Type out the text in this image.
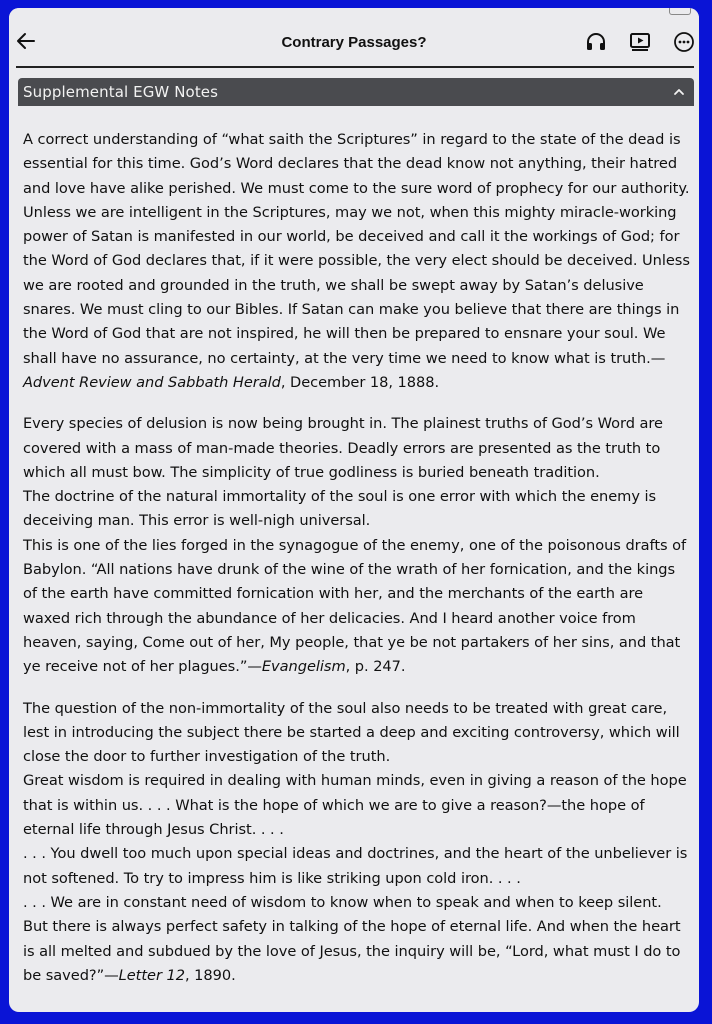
Contrary Passages?
Supplemental EGW Notes

A correct understanding of “what saith the Scriptures” in regard to the state of the dead is essential for this time. God’s Word declares that the dead know not anything, their hatred and love have alike perished. We must come to the sure word of prophecy for our authority. Unless we are intelligent in the Scriptures, may we not, when this mighty miracle-working power of Satan is manifested in our world, be deceived and call it the workings of God; for the Word of God declares that, if it were possible, the very elect should be deceived. Unless we are rooted and grounded in the truth, we shall be swept away by Satan’s delusive snares. We must cling to our Bibles. If Satan can make you believe that there are things in the Word of God that are not inspired, he will then be prepared to ensnare your soul. We shall have no assurance, no certainty, at the very time we need to know what is truth.—Advent Review and Sabbath Herald, December 18, 1888.

Every species of delusion is now being brought in. The plainest truths of God’s Word are covered with a mass of man-made theories. Deadly errors are presented as the truth to which all must bow. The simplicity of true godliness is buried beneath tradition.
The doctrine of the natural immortality of the soul is one error with which the enemy is deceiving man. This error is well-nigh universal.
This is one of the lies forged in the synagogue of the enemy, one of the poisonous drafts of Babylon. “All nations have drunk of the wine of the wrath of her fornication, and the kings of the earth have committed fornication with her, and the merchants of the earth are waxed rich through the abundance of her delicacies. And I heard another voice from heaven, saying, Come out of her, My people, that ye be not partakers of her sins, and that ye receive not of her plagues.”—Evangelism, p. 247.

The question of the non-immortality of the soul also needs to be treated with great care, lest in introducing the subject there be started a deep and exciting controversy, which will close the door to further investigation of the truth.
Great wisdom is required in dealing with human minds, even in giving a reason of the hope that is within us. . . . What is the hope of which we are to give a reason?—the hope of eternal life through Jesus Christ. . . .
. . . You dwell too much upon special ideas and doctrines, and the heart of the unbeliever is not softened. To try to impress him is like striking upon cold iron. . . .
. . . We are in constant need of wisdom to know when to speak and when to keep silent. But there is always perfect safety in talking of the hope of eternal life. And when the heart is all melted and subdued by the love of Jesus, the inquiry will be, “Lord, what must I do to be saved?”—Letter 12, 1890.
